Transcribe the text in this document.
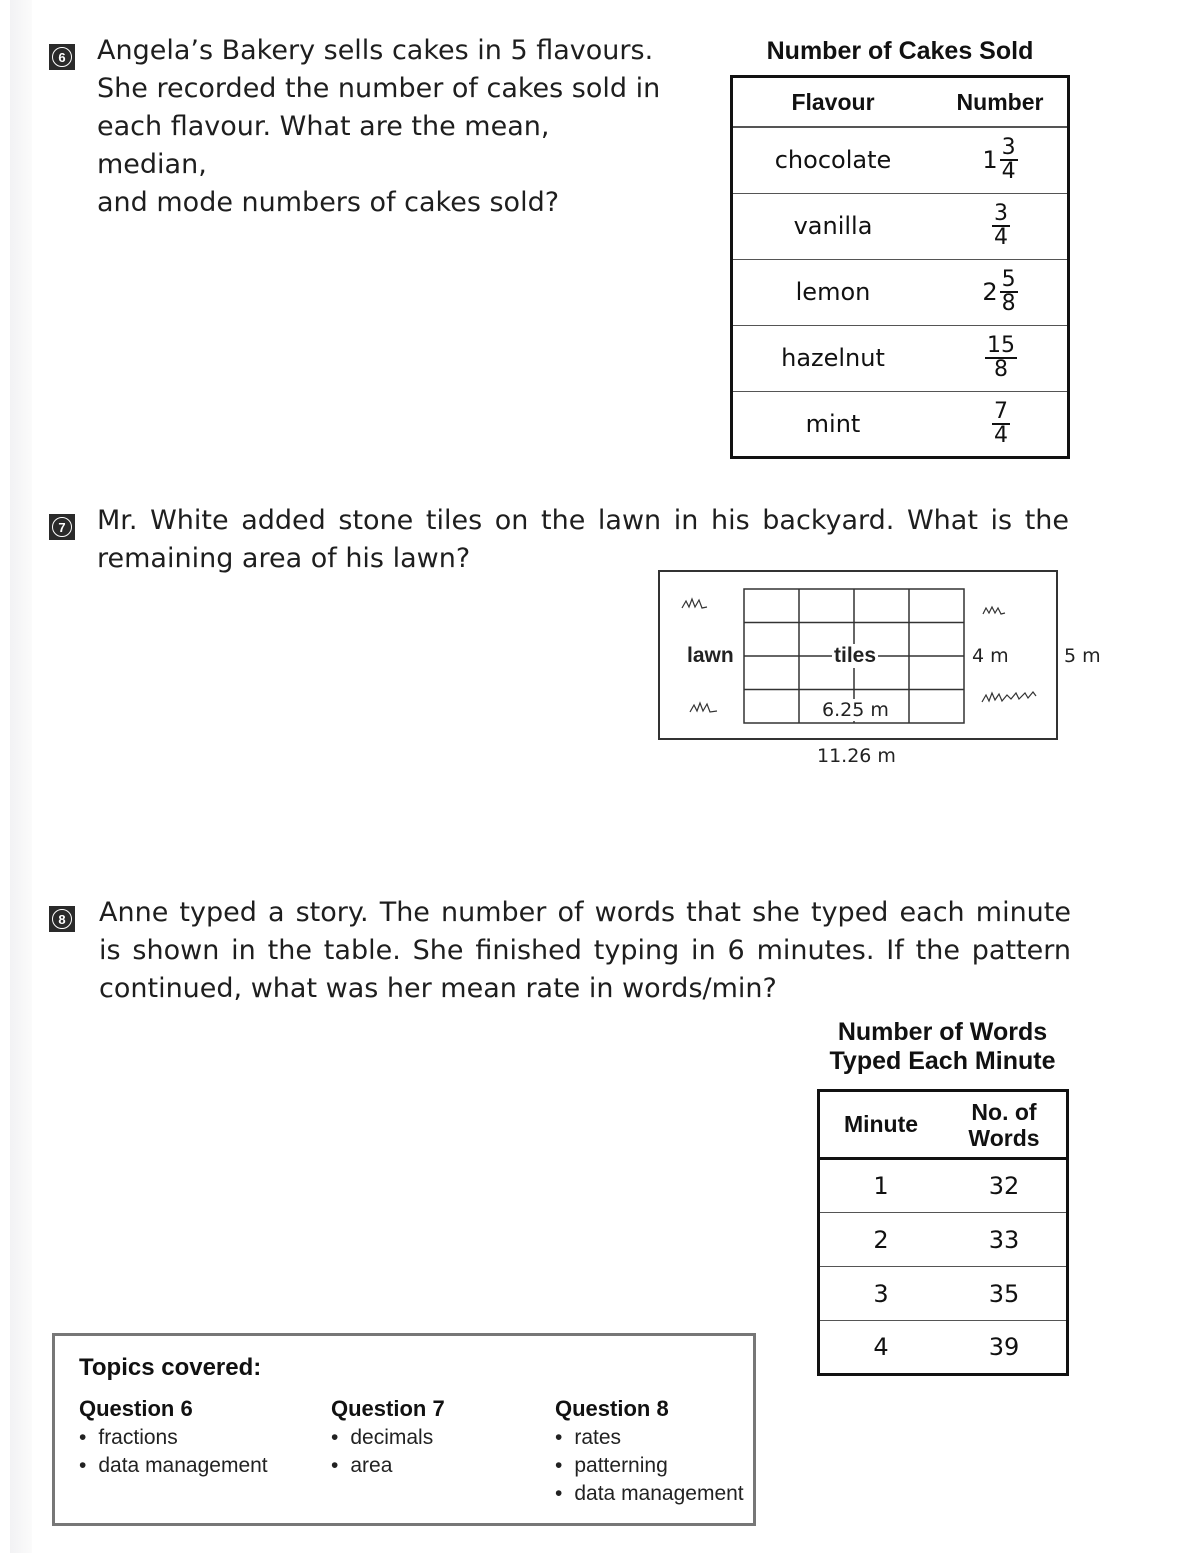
6 Angela’s Bakery sells cakes in 5 flavours.
She recorded the number of cakes sold in
each flavour. What are the mean, median,
and mode numbers of cakes sold?
Number of Cakes Sold
Flavour	Number
chocolate	$1 \frac{3}{4}$

vanilla	$\frac{3}{4}$

lemon	$2 \frac{5}{8}$

hazelnut	$\frac{15}{8}$

mint	$\frac{7}{4}$
7 Mr. White added stone tiles on the lawn in his backyard. What is the
remaining area of his lawn?
lawn	tiles
6.25 m
4 m	5 m
11.26 m
8 Anne typed a story. The number of words that she typed each minute
is shown in the table. She finished typing in 6 minutes. If the pattern
continued, what was her mean rate in words/min?
Number of Words
Typed Each Minute
Minute	No. of
Words

1	32
2	33
3	35
4	39
Topics covered:
Question 6
• fractions
• data management
Question 7
• decimals
• area
Question 8
• rates
• patterning
• data management
